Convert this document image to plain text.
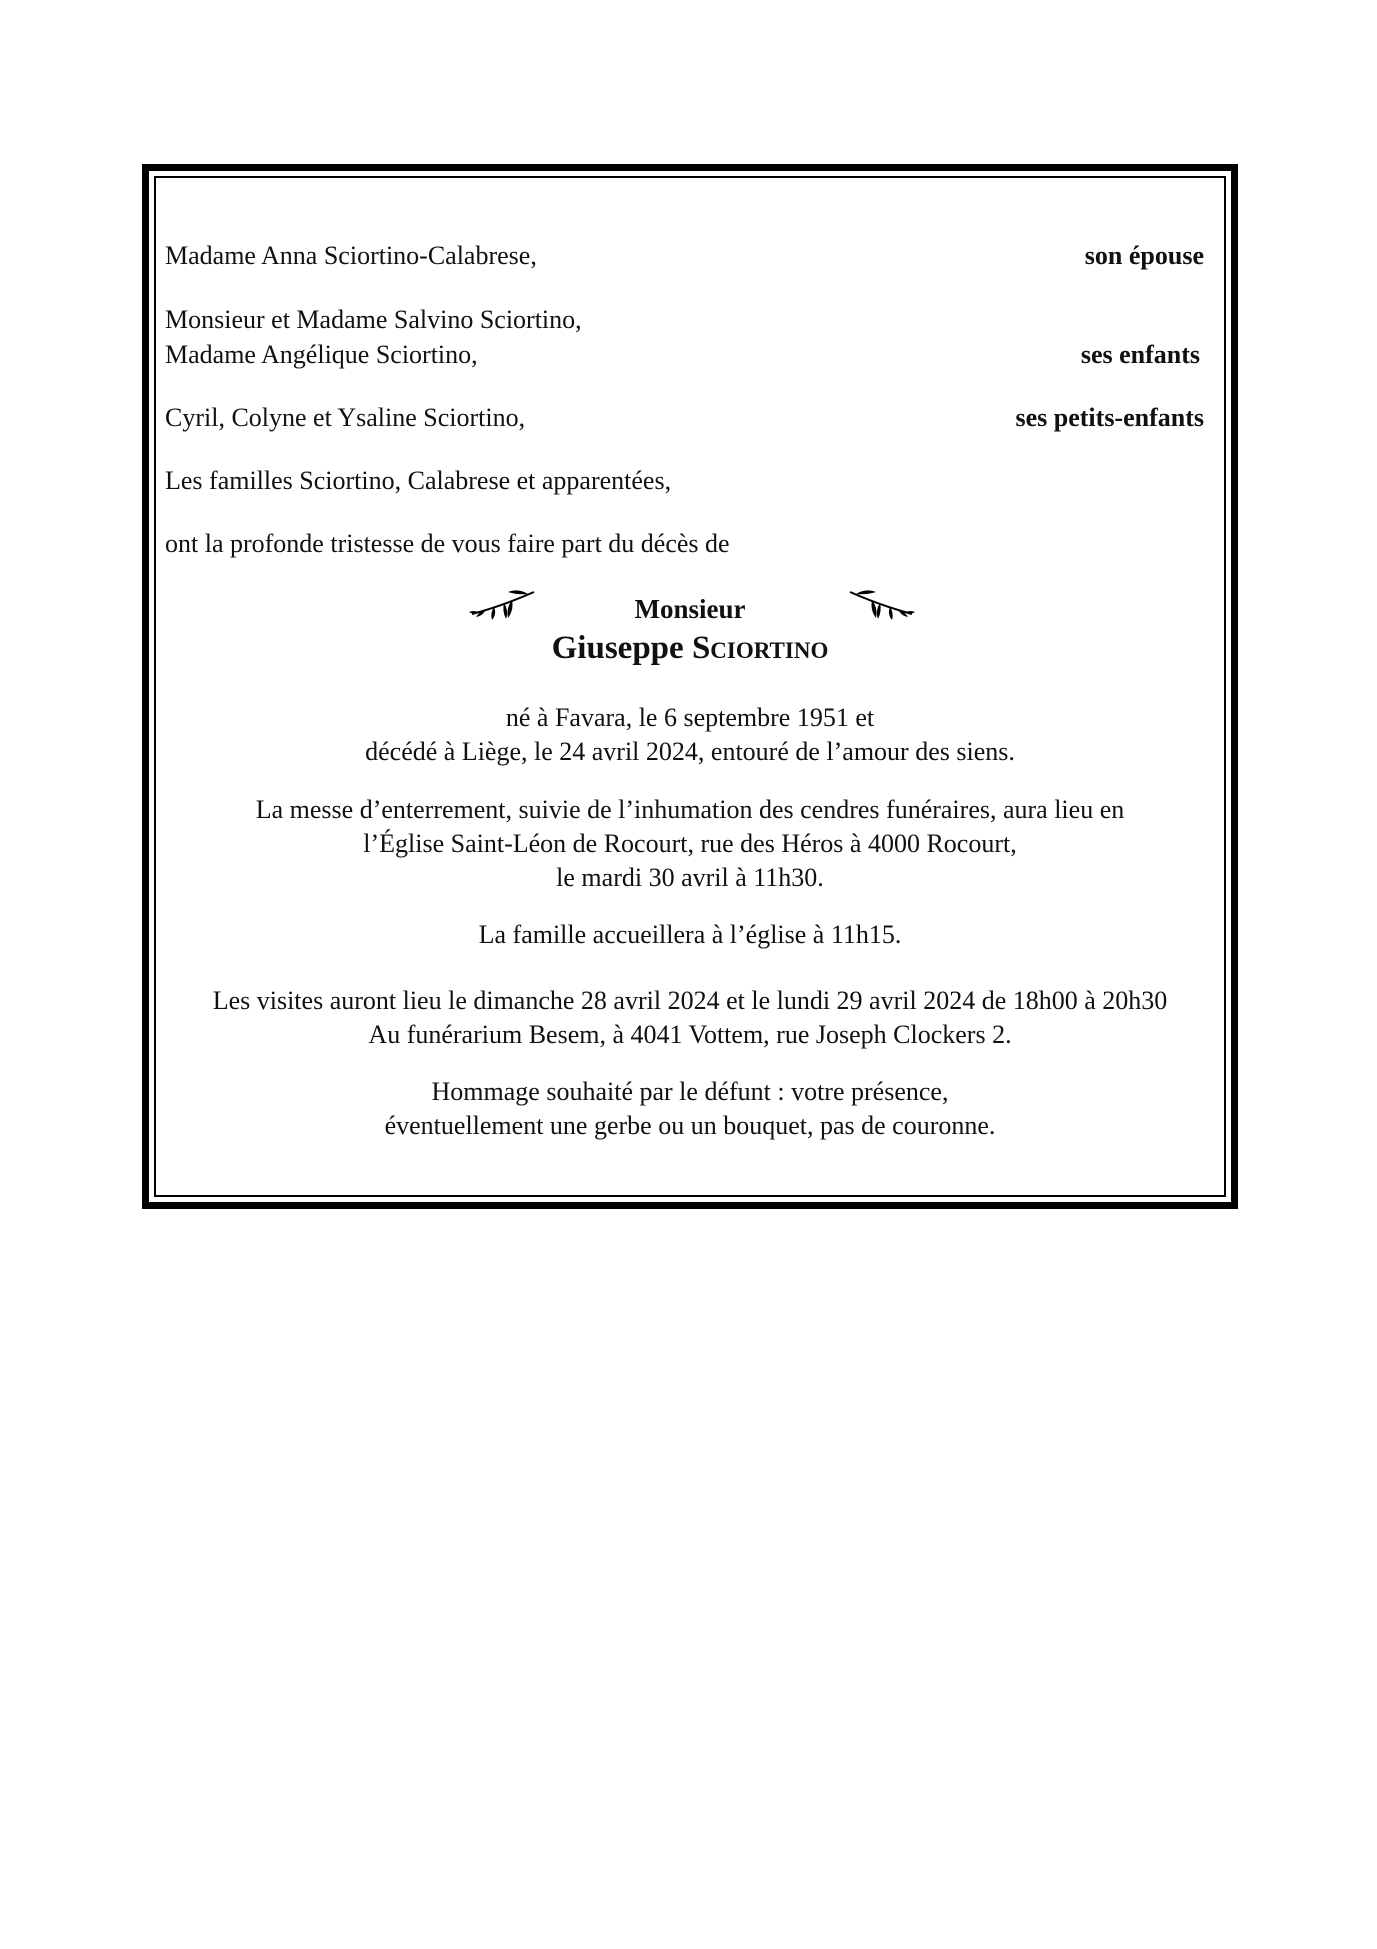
Madame Anna Sciortino-Calabrese,	son épouse
Monsieur et Madame Salvino Sciortino,
Madame Angélique Sciortino,	ses enfants
Cyril, Colyne et Ysaline Sciortino,	ses petits-enfants
Les familles Sciortino, Calabrese et apparentées,
ont la profonde tristesse de vous faire part du décès de
Monsieur
Giuseppe Sciortino

né à Favara, le 6 septembre 1951 et

décédé à Liège, le 24 avril 2024, entouré de l’amour des siens.

La messe d’enterrement, suivie de l’inhumation des cendres funéraires, aura lieu en

l’Église Saint-Léon de Rocourt, rue des Héros à 4000 Rocourt,

le mardi 30 avril à 11h30.

La famille accueillera à l’église à 11h15.

Les visites auront lieu le dimanche 28 avril 2024 et le lundi 29 avril 2024 de 18h00 à 20h30

Au funérarium Besem, à 4041 Vottem, rue Joseph Clockers 2.

Hommage souhaité par le défunt : votre présence,

éventuellement une gerbe ou un bouquet, pas de couronne.
